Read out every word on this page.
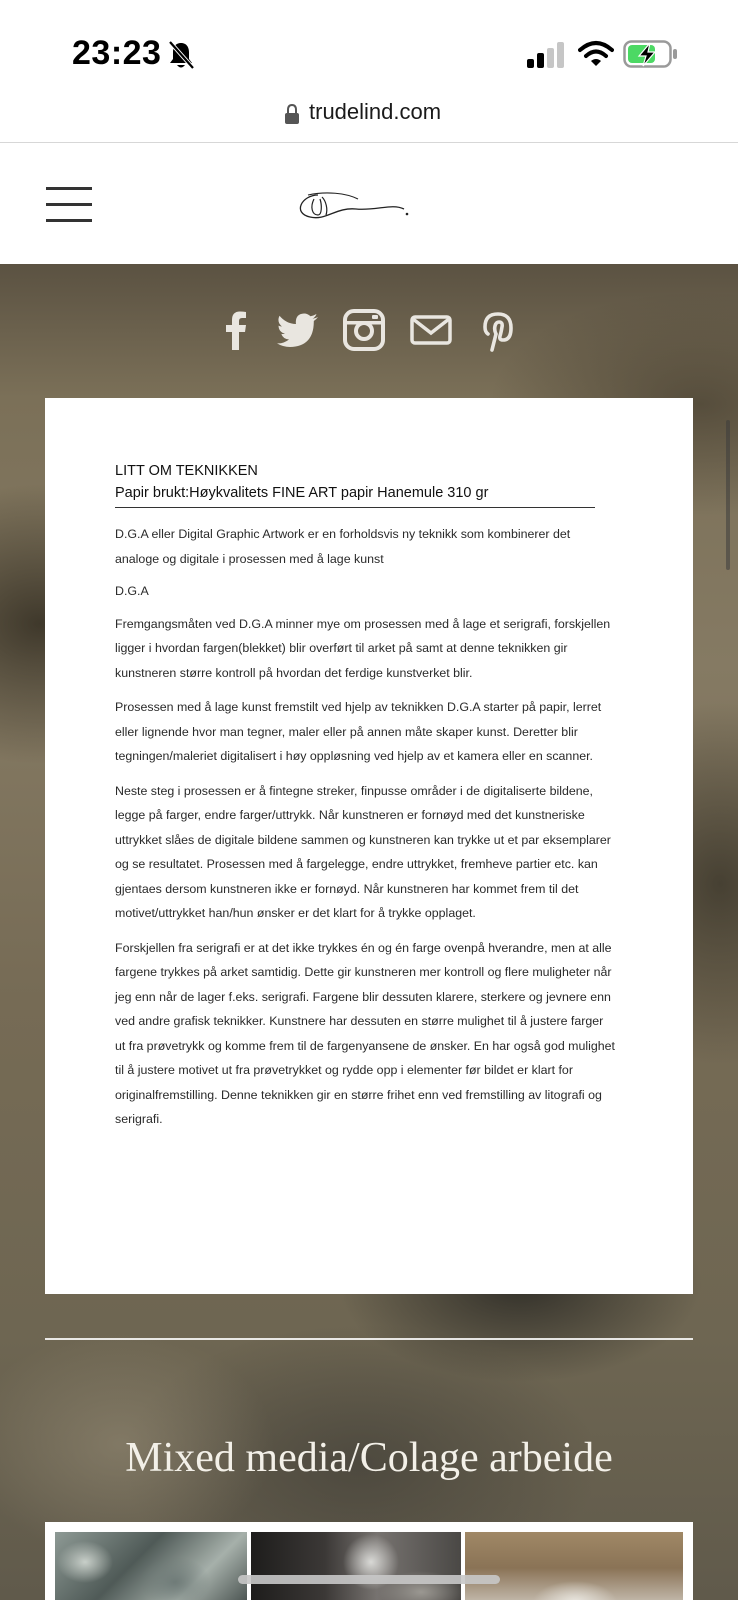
23:23
trudelind.com
LITT OM TEKNIKKEN
Papir brukt:Høykvalitets FINE ART papir Hanemule 310 gr

D.G.A eller Digital Graphic Artwork er en forholdsvis ny teknikk som kombinerer det analoge og digitale i prosessen med å lage kunst

D.G.A

Fremgangsmåten ved D.G.A minner mye om prosessen med å lage et serigrafi, forskjellen ligger i hvordan fargen(blekket) blir overført til arket på samt at denne teknikken gir kunstneren større kontroll på hvordan det ferdige kunstverket blir.

Prosessen med å lage kunst fremstilt ved hjelp av teknikken D.G.A starter på papir, lerret eller lignende hvor man tegner, maler eller på annen måte skaper kunst. Deretter blir tegningen/maleriet digitalisert i høy oppløsning ved hjelp av et kamera eller en scanner.

Neste steg i prosessen er å fintegne streker, finpusse områder i de digitaliserte bildene, legge på farger, endre farger/uttrykk. Når kunstneren er fornøyd med det kunstneriske uttrykket slåes de digitale bildene sammen og kunstneren kan trykke ut et par eksemplarer og se resultatet. Prosessen med å fargelegge, endre uttrykket, fremheve partier etc. kan gjentaes dersom kunstneren ikke er fornøyd. Når kunstneren har kommet frem til det motivet/uttrykket han/hun ønsker er det klart for å trykke opplaget.

Forskjellen fra serigrafi er at det ikke trykkes én og én farge ovenpå hverandre, men at alle fargene trykkes på arket samtidig. Dette gir kunstneren mer kontroll og flere muligheter når jeg enn når de lager f.eks. serigrafi. Fargene blir dessuten klarere, sterkere og jevnere enn ved andre grafisk teknikker. Kunstnere har dessuten en større mulighet til å justere farger ut fra prøvetrykk og komme frem til de fargenyansene de ønsker. En har også god mulighet til å justere motivet ut fra prøvetrykket og rydde opp i elementer før bildet er klart for originalfremstilling. Denne teknikken gir en større frihet enn ved fremstilling av litografi og serigrafi.

Mixed media/Colage arbeide
